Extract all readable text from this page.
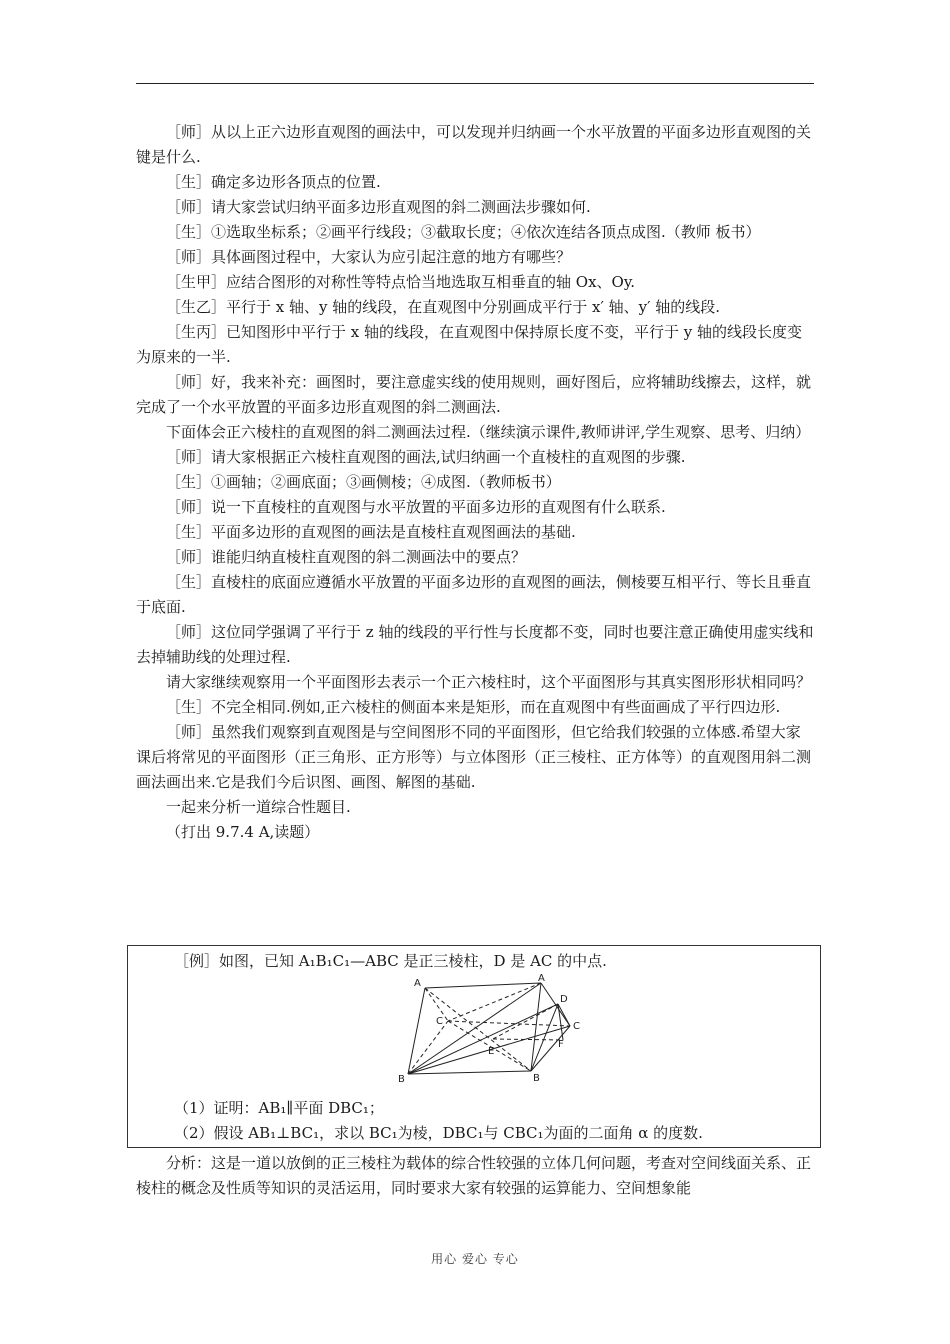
［师］从以上正六边形直观图的画法中，可以发现并归纳画一个水平放置的平面多边形直观图的关键是什么.

［生］确定多边形各顶点的位置.

［师］请大家尝试归纳平面多边形直观图的斜二测画法步骤如何.

［生］①选取坐标系；②画平行线段；③截取长度；④依次连结各顶点成图.（教师 板书）

［师］具体画图过程中，大家认为应引起注意的地方有哪些？

［生甲］应结合图形的对称性等特点恰当地选取互相垂直的轴 Ox、Oy.

［生乙］平行于 x 轴、y 轴的线段，在直观图中分别画成平行于 x′ 轴、y′ 轴的线段.

［生丙］已知图形中平行于 x 轴的线段，在直观图中保持原长度不变，平行于 y 轴的线段长度变为原来的一半.

［师］好，我来补充：画图时，要注意虚实线的使用规则，画好图后，应将辅助线擦去，这样，就完成了一个水平放置的平面多边形直观图的斜二测画法.

下面体会正六棱柱的直观图的斜二测画法过程.（继续演示课件,教师讲评,学生观察、思考、归纳）

［师］请大家根据正六棱柱直观图的画法,试归纳画一个直棱柱的直观图的步骤.

［生］①画轴；②画底面；③画侧棱；④成图.（教师板书）

［师］说一下直棱柱的直观图与水平放置的平面多边形的直观图有什么联系.

［生］平面多边形的直观图的画法是直棱柱直观图画法的基础.

［师］谁能归纳直棱柱直观图的斜二测画法中的要点？

［生］直棱柱的底面应遵循水平放置的平面多边形的直观图的画法，侧棱要互相平行、等长且垂直于底面.

［师］这位同学强调了平行于 z 轴的线段的平行性与长度都不变，同时也要注意正确使用虚实线和去掉辅助线的处理过程.

请大家继续观察用一个平面图形去表示一个正六棱柱时，这个平面图形与其真实图形形状相同吗？

［生］不完全相同.例如,正六棱柱的侧面本来是矩形，而在直观图中有些面画成了平行四边形.

［师］虽然我们观察到直观图是与空间图形不同的平面图形，但它给我们较强的立体感.希望大家课后将常见的平面图形（正三角形、正方形等）与立体图形（正三棱柱、正方体等）的直观图用斜二测画法画出来.它是我们今后识图、画图、解图的基础.

一起来分析一道综合性题目.

（打出 9.7.4 A,读题）

［例］如图，已知 A₁B₁C₁—ABC 是正三棱柱，D 是 AC 的中点.
A
C
B
A
D
C
F
E
B
（1）证明：AB₁∥平面 DBC₁；
（2）假设 AB₁⊥BC₁，求以 BC₁为棱，DBC₁与 CBC₁为面的二面角 α 的度数.

分析：这是一道以放倒的正三棱柱为载体的综合性较强的立体几何问题，考查对空间线面关系、正棱柱的概念及性质等知识的灵活运用，同时要求大家有较强的运算能力、空间想象能

用心 爱心 专心
